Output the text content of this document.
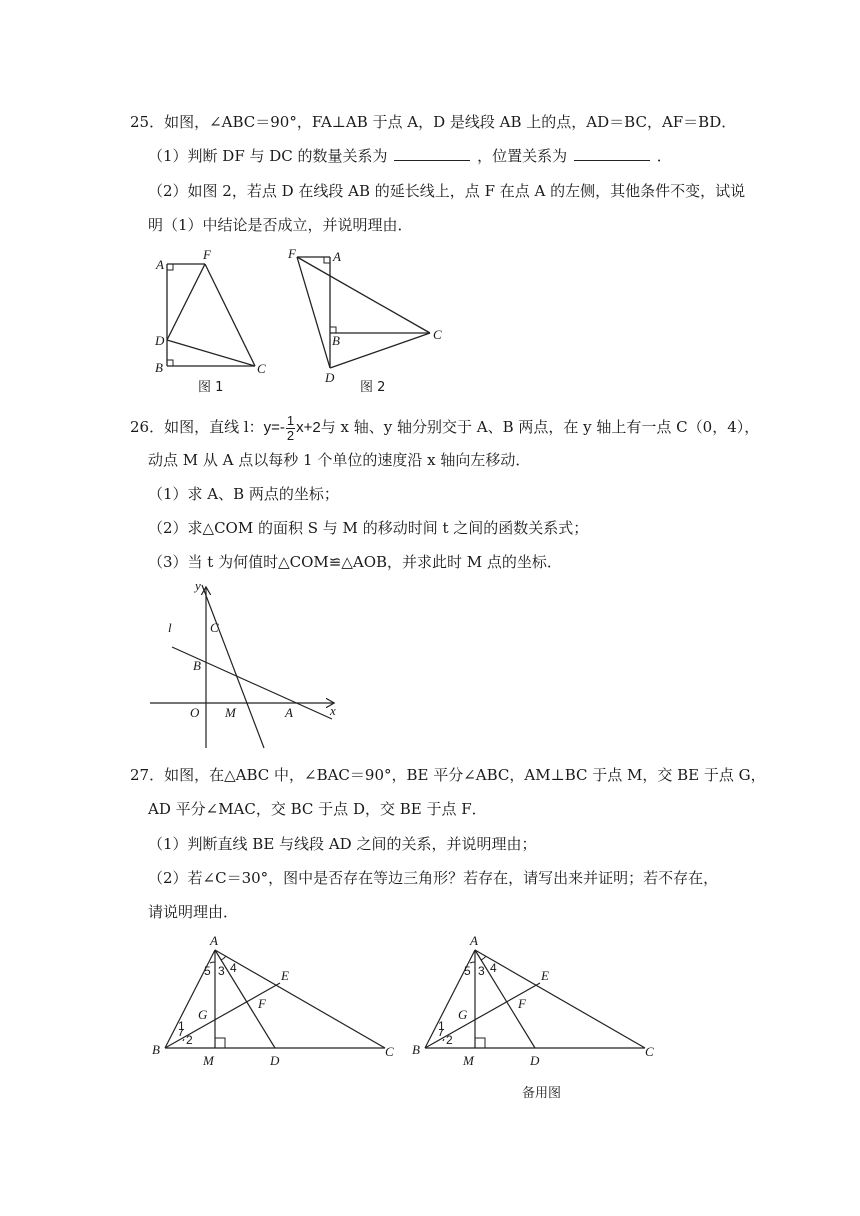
25．如图，∠ABC＝90°，FA⊥AB 于点 A，D 是线段 AB 上的点，AD＝BC，AF＝BD．
（1）判断 DF 与 DC 的数量关系为	，位置关系为	．
（2）如图 2，若点 D 在线段 AB 的延长线上，点 F 在点 A 的左侧，其他条件不变，试说
明（1）中结论是否成立，并说明理由．
A
F
D
B	C
图 1
F	A
B	C
D
图 2
26．如图，直线 l：$y=- \frac{1}{2} x+2$与 x 轴、y 轴分别交于 A、B 两点，在 y 轴上有一点 C（0，4），
动点 M 从 A 点以每秒 1 个单位的速度沿 x 轴向左移动．
（1）求 A、B 两点的坐标；
（2）求△COM 的面积 S 与 M 的移动时间 t 之间的函数关系式；
（3）当 t 为何值时△COM≌△AOB，并求此时 M 点的坐标．
y
l	C
B
O M	A	x
27．如图，在△ABC 中，∠BAC＝90°，BE 平分∠ABC，AM⊥BC 于点 M，交 BE 于点 G，
AD 平分∠MAC，交 BC 于点 D，交 BE 于点 F．
（1）判断直线 BE 与线段 AD 之间的关系，并说明理由；
（2）若∠C＝30°，图中是否存在等边三角形？若存在，请写出来并证明；若不存在，
请说明理由．
A
E
G
F
B
M	D
C
1
2
3 4
5
A
E
G
F
B
M	D
C
1
2
3 4
5
备用图
